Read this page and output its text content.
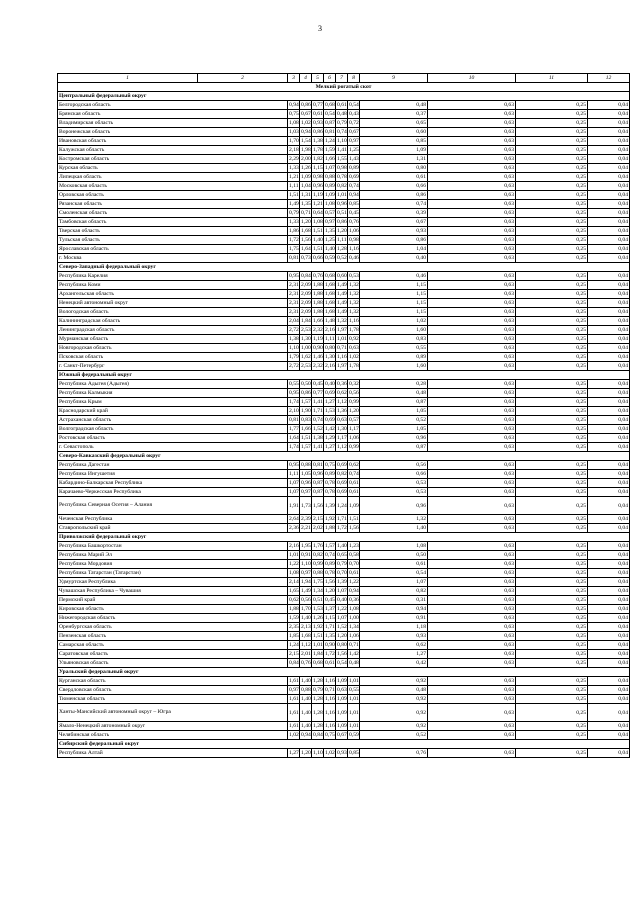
3
1	2	3	4	5	6	7	8	9	10	11	12	
Мелкий рогатый скот												
Центральный федеральный округ												
Белгородская область		0,94	0,86	0,77	0,68	0,61	0,54	0,48	0,63	0,25	0,04	
Брянская область		0,75	0,67	0,61	0,54	0,48	0,43	0,37	0,63	0,25	0,04	
Владимирская область		1,08	1,02	0,93	0,87	0,79	0,72	0,65	0,63	0,25	0,04	
Воронежская область		1,03	0,94	0,86	0,81	0,74	0,67	0,60	0,63	0,25	0,04	
Ивановская область		1,70	1,54	1,38	1,24	1,10	0,97	0,85	0,63	0,25	0,04	
Калужская область		2,18	1,98	1,78	1,59	1,41	1,25	1,09	0,63	0,25	0,04	
Костромская область		2,29	2,00	1,82	1,66	1,55	1,43	1,31	0,63	0,25	0,04	
Курская область		1,33	1,26	1,15	1,07	0,98	0,89	0,80	0,63	0,25	0,04	
Липецкая область		1,21	1,09	0,98	0,88	0,78	0,69	0,61	0,63	0,25	0,04	
Московская область		1,11	1,04	0,96	0,89	0,82	0,74	0,66	0,63	0,25	0,04	
Орловская область		1,51	1,31	1,19	1,09	1,01	0,94	0,86	0,63	0,25	0,04	
Рязанская область		1,49	1,35	1,21	1,08	0,96	0,85	0,74	0,63	0,25	0,04	
Смоленская область		0,79	0,71	0,64	0,57	0,51	0,45	0,39	0,63	0,25	0,04	
Тамбовская область		1,33	1,20	1,08	0,97	0,86	0,76	0,67	0,63	0,25	0,04	
Тверская область		1,86	1,68	1,51	1,35	1,20	1,06	0,93	0,63	0,25	0,04	
Тульская область		1,72	1,56	1,40	1,25	1,11	0,98	0,86	0,63	0,25	0,04	
Ярославская область		1,75	1,64	1,51	1,40	1,28	1,16	1,04	0,63	0,25	0,04	
г. Москва		0,81	0,73	0,66	0,59	0,52	0,46	0,40	0,63	0,25	0,04	
Северо-Западный федеральный округ												
Республика Карелия		0,95	0,84	0,76	0,68	0,60	0,53	0,46	0,63	0,25	0,04	
Республика Коми		2,31	2,09	1,88	1,68	1,49	1,32	1,15	0,63	0,25	0,04	
Архангельская область		2,31	2,09	1,88	1,68	1,49	1,32	1,15	0,63	0,25	0,04	
Ненецкий автономный округ		2,31	2,09	1,88	1,68	1,49	1,32	1,15	0,63	0,25	0,04	
Вологодская область		2,31	2,09	1,88	1,68	1,49	1,32	1,15	0,63	0,25	0,04	
Калининградская область		2,04	1,84	1,66	1,48	1,32	1,16	1,02	0,63	0,25	0,04	
Ленинградская область		2,72	2,53	2,32	2,16	1,97	1,78	1,60	0,63	0,25	0,04	
Мурманская область		1,38	1,30	1,19	1,11	1,01	0,92	0,83	0,63	0,25	0,04	
Новгородская область		1,10	1,00	0,90	0,80	0,71	0,63	0,55	0,63	0,25	0,04	
Псковская область		1,79	1,62	1,46	1,30	1,16	1,02	0,89	0,63	0,25	0,04	
г. Санкт-Петербург		2,72	2,53	2,32	2,16	1,97	1,78	1,60	0,63	0,25	0,04	
Южный федеральный округ												
Республика Адыгея (Адыгея)		0,55	0,50	0,45	0,40	0,36	0,32	0,28	0,63	0,25	0,04	
Республика Калмыкия		0,95	0,86	0,77	0,69	0,62	0,56	0,48	0,63	0,25	0,04	
Республика Крым		1,74	1,57	1,41	1,27	1,12	0,99	0,87	0,63	0,25	0,04	
Краснодарский край		2,10	1,90	1,71	1,53	1,36	1,20	1,05	0,63	0,25	0,04	
Астраханская область		0,81	0,83	0,74	0,69	0,63	0,57	0,52	0,63	0,25	0,04	
Волгоградская область		1,77	1,66	1,52	1,42	1,30	1,17	1,05	0,63	0,25	0,04	
Ростовская область		1,64	1,51	1,38	1,29	1,17	1,06	0,96	0,63	0,25	0,04	
г. Севастополь		1,74	1,57	1,41	1,27	1,12	0,99	0,87	0,63	0,25	0,04	
Северо-Кавказский федеральный округ												
Республика Дагестан		0,95	0,88	0,81	0,75	0,69	0,62	0,56	0,63	0,25	0,04	
Республика Ингушетия		1,11	1,05	0,96	0,89	0,82	0,74	0,66	0,63	0,25	0,04	
Кабардино-Балкарская Республика		1,07	0,96	0,87	0,78	0,69	0,61	0,53	0,63	0,25	0,04	
Карачаево-Черкесская Республика		1,07	0,97	0,87	0,78	0,69	0,61	0,53	0,63	0,25	0,04	
Республика Северная Осетия – Алания		1,91	1,73	1,56	1,39	1,24	1,09	0,96	0,63	0,25	0,04	
Чеченская Республика		2,64	2,39	2,15	1,92	1,71	1,51	1,32	0,63	0,25	0,04	
Ставропольский край		2,36	2,21	2,02	1,88	1,72	1,56	1,40	0,63	0,25	0,04	
Приволжский федеральный округ												
Республика Башкортостан		2,16	1,95	1,76	1,57	1,40	1,23	1,08	0,63	0,25	0,04	
Республика Марий Эл		1,01	0,91	0,82	0,74	0,65	0,58	0,50	0,63	0,25	0,04	
Республика Мордовия		1,22	1,10	0,99	0,89	0,79	0,70	0,61	0,63	0,25	0,04	
Республика Татарстан (Татарстан)		1,08	0,97	0,88	0,78	0,70	0,61	0,54	0,63	0,25	0,04	
Удмуртская Республика		2,14	1,94	1,75	1,56	1,39	1,22	1,07	0,63	0,25	0,04	
Чувашская Республика – Чувашия		1,65	1,49	1,34	1,20	1,07	0,94	0,82	0,63	0,25	0,04	
Пермский край		0,62	0,56	0,51	0,45	0,40	0,36	0,31	0,63	0,25	0,04	
Кировская область		1,88	1,70	1,53	1,37	1,22	1,08	0,94	0,63	0,25	0,04	
Нижегородская область		1,59	1,40	1,26	1,15	1,07	1,00	0,91	0,63	0,25	0,04	
Оренбургская область		2,35	2,13	1,92	1,71	1,52	1,34	1,18	0,63	0,25	0,04	
Пензенская область		1,85	1,68	1,51	1,35	1,20	1,06	0,93	0,63	0,25	0,04	
Самарская область		1,24	1,12	1,01	0,90	0,80	0,71	0,62	0,63	0,25	0,04	
Саратовская область		2,15	2,01	1,84	1,72	1,56	1,42	1,27	0,63	0,25	0,04	
Ульяновская область		0,84	0,76	0,68	0,61	0,54	0,48	0,42	0,63	0,25	0,04	
Уральский федеральный округ												
Курганская область		1,61	1,40	1,28	1,16	1,09	1,01	0,92	0,63	0,25	0,04	
Свердловская область		0,97	0,88	0,79	0,71	0,63	0,55	0,48	0,63	0,25	0,04	
Тюменская область		1,61	1,40	1,28	1,16	1,09	1,01	0,92	0,63	0,25	0,04	
Ханты-Мансийский автономный округ – Югра		1,61	1,40	1,28	1,16	1,09	1,01	0,92	0,63	0,25	0,04	
Ямало-Ненецкий автономный округ		1,61	1,40	1,28	1,16	1,09	1,01	0,92	0,63	0,25	0,04	
Челябинская область		1,02	0,94	0,84	0,75	0,67	0,59	0,52	0,63	0,25	0,04	
Сибирский федеральный округ												
Республика Алтай		1,27	1,20	1,10	1,02	0,93	0,85	0,76	0,63	0,25	0,04	
